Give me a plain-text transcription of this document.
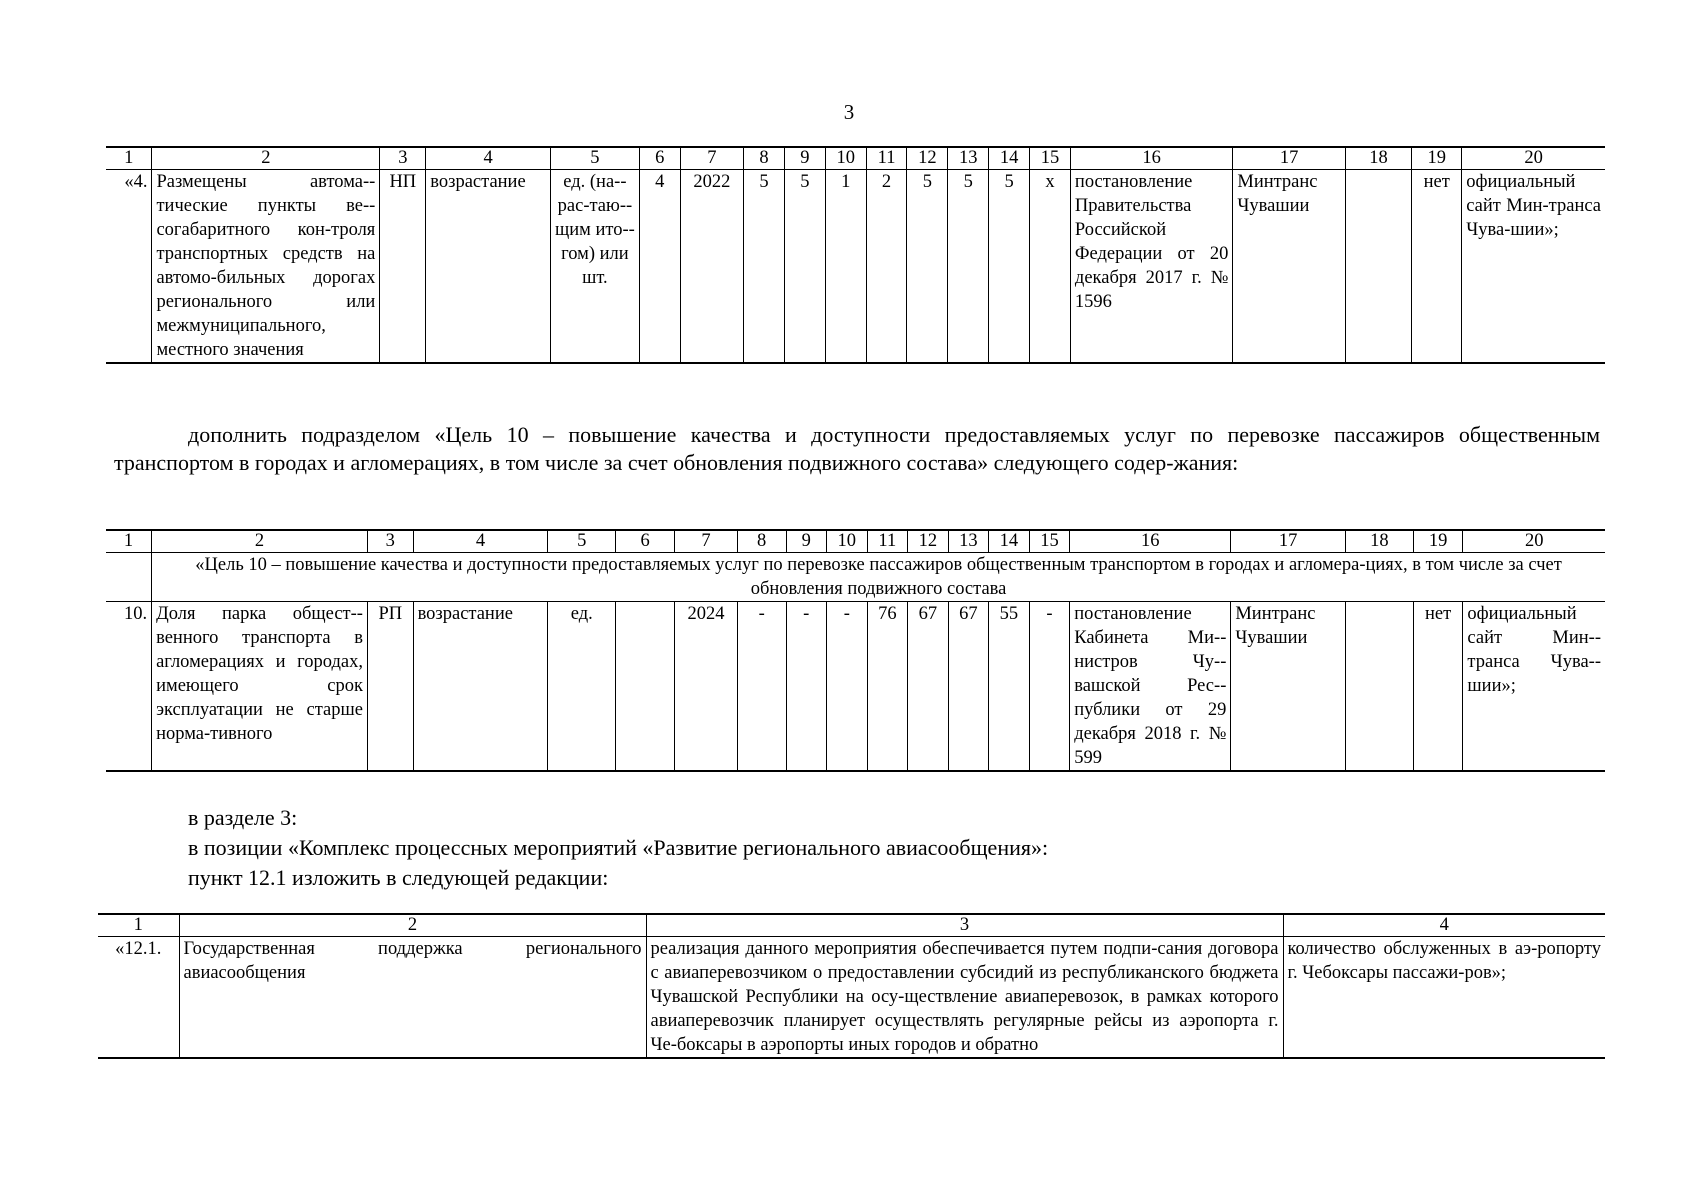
3
1	2	3	4	5	6	7	8	9	10	11	12	13	14	15	16	17	18	19	20
«4.	Размещены автома-тические пункты ве-согабаритного кон-троля транспортных средств на автомо-бильных дорогах регионального или межмуниципального, местного значения	НП	возрастание	ед. (на-рас-таю-щим ито-гом) или шт.	4	2022	5	5	1	2	5	5	5	х	постановление Правительства Российской Федерации от 20 декабря 2017 г. № 1596	Минтранс Чувашии		нет	официальный сайт Мин-транса Чува-шии»;
дополнить подразделом «Цель 10 – повышение качества и доступности предоставляемых услуг по перевозке пассажиров общественным транспортом в городах и агломерациях, в том числе за счет обновления подвижного состава» следующего содер-жания:
1	2	3	4	5	6	7	8	9	10	11	12	13	14	15	16	17	18	19	20
	«Цель 10 – повышение качества и доступности предоставляемых услуг по перевозке пассажиров общественным транспортом в городах и агломера-циях, в том числе за счет обновления подвижного состава																		
10.	Доля парка общест-венного транспорта в агломерациях и городах, имеющего срок эксплуатации не старше норма-тивного	РП	возрастание	ед.		2024	-	-	-	76	67	67	55	-	постановление Кабинета Ми-нистров Чу-вашской Рес-публики от 29 декабря 2018 г. № 599	Минтранс Чувашии		нет	официальный сайт Мин-транса Чува-шии»;
в разделе 3:
в позиции «Комплекс процессных мероприятий «Развитие регионального авиасообщения»:
пункт 12.1 изложить в следующей редакции:
1	2	3	4
«12.1.	Государственная поддержка регионального авиасообщения	реализация данного мероприятия обеспечивается путем подпи-сания договора с авиаперевозчиком о предоставлении субсидий из республиканского бюджета Чувашской Республики на осу-ществление авиаперевозок, в рамках которого авиаперевозчик планирует осуществлять регулярные рейсы из аэропорта г. Че-боксары в аэропорты иных городов и обратно	количество обслуженных в аэ-ропорту г. Чебоксары пассажи-ров»;
